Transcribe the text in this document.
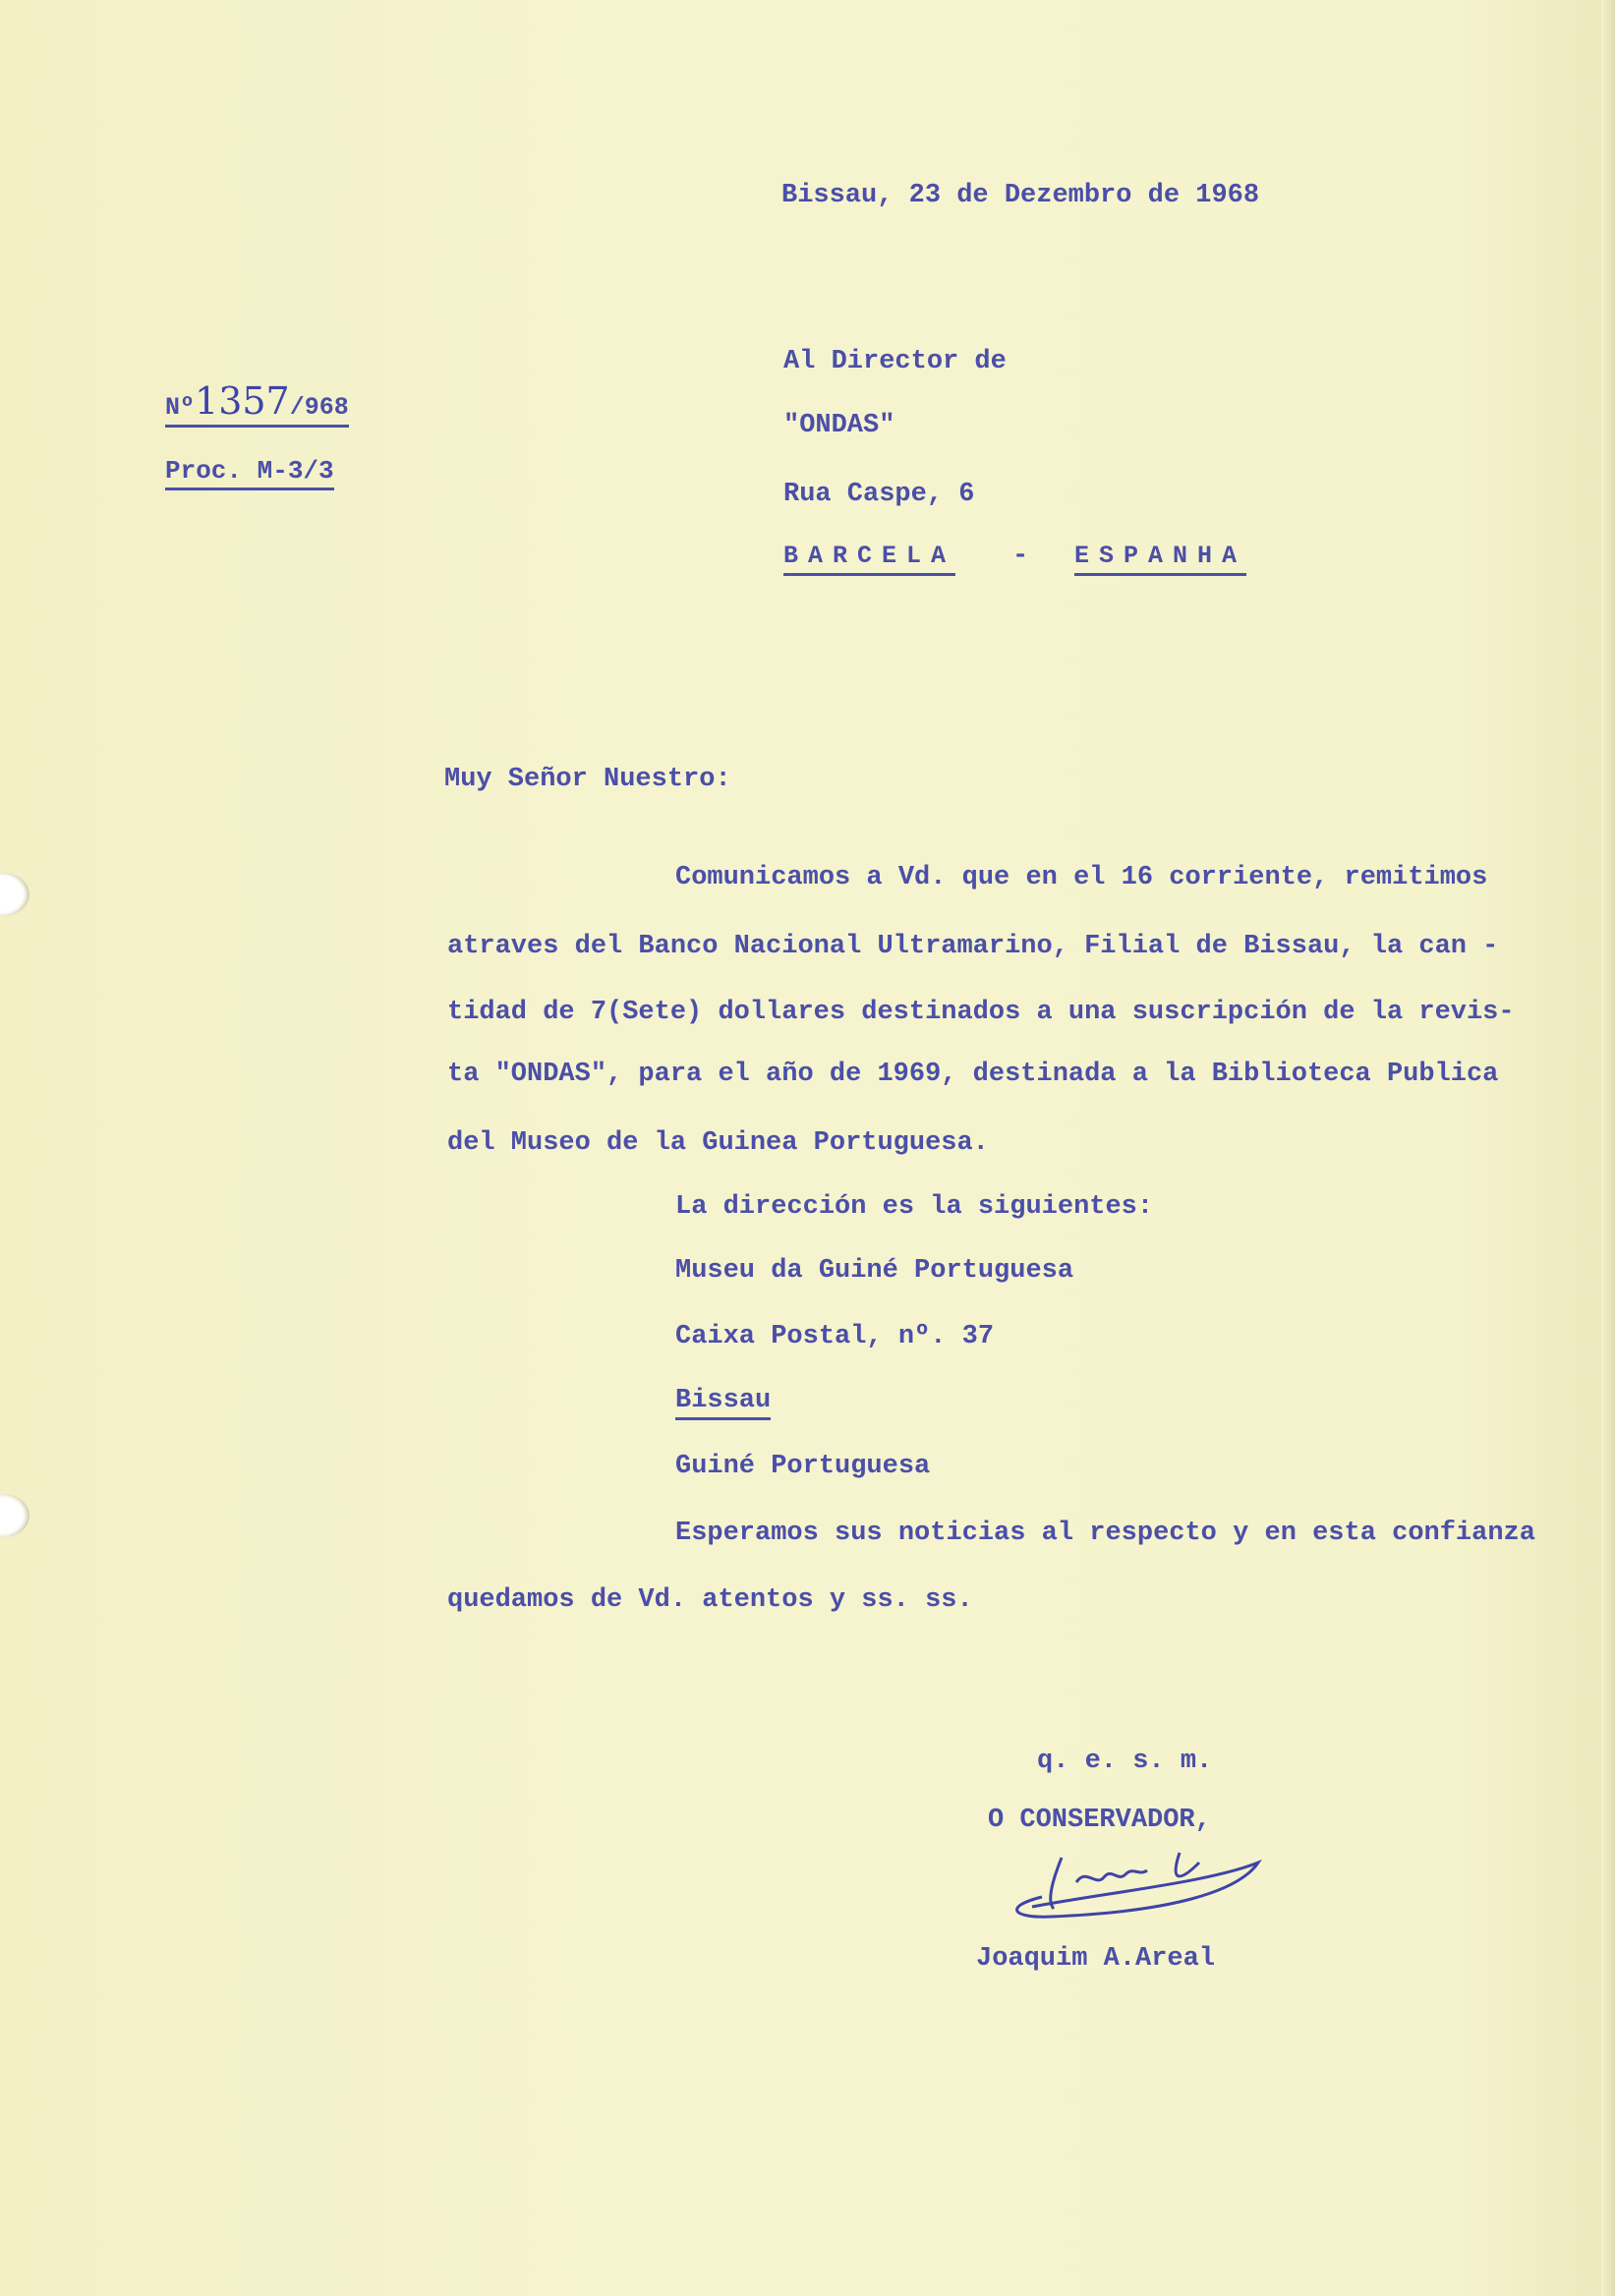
Bissau, 23 de Dezembro de 1968
Nº1357/968
Proc. M-3/3
Al Director de
"ONDAS"
Rua Caspe, 6
BARCELA - ESPANHA
Muy Señor Nuestro:
Comunicamos a Vd. que en el 16 corriente, remitimos
atraves del Banco Nacional Ultramarino, Filial de Bissau, la can -
tidad de 7(Sete) dollares destinados a una suscripción de la revis-
ta "ONDAS", para el año de 1969, destinada a la Biblioteca Publica
del Museo de la Guinea Portuguesa.
La dirección es la siguientes:
Museu da Guiné Portuguesa
Caixa Postal, nº. 37
Bissau
Guiné Portuguesa
Esperamos sus noticias al respecto y en esta confianza
quedamos de Vd. atentos y ss. ss.
q. e. s. m.
O CONSERVADOR,
Joaquim A.Areal
